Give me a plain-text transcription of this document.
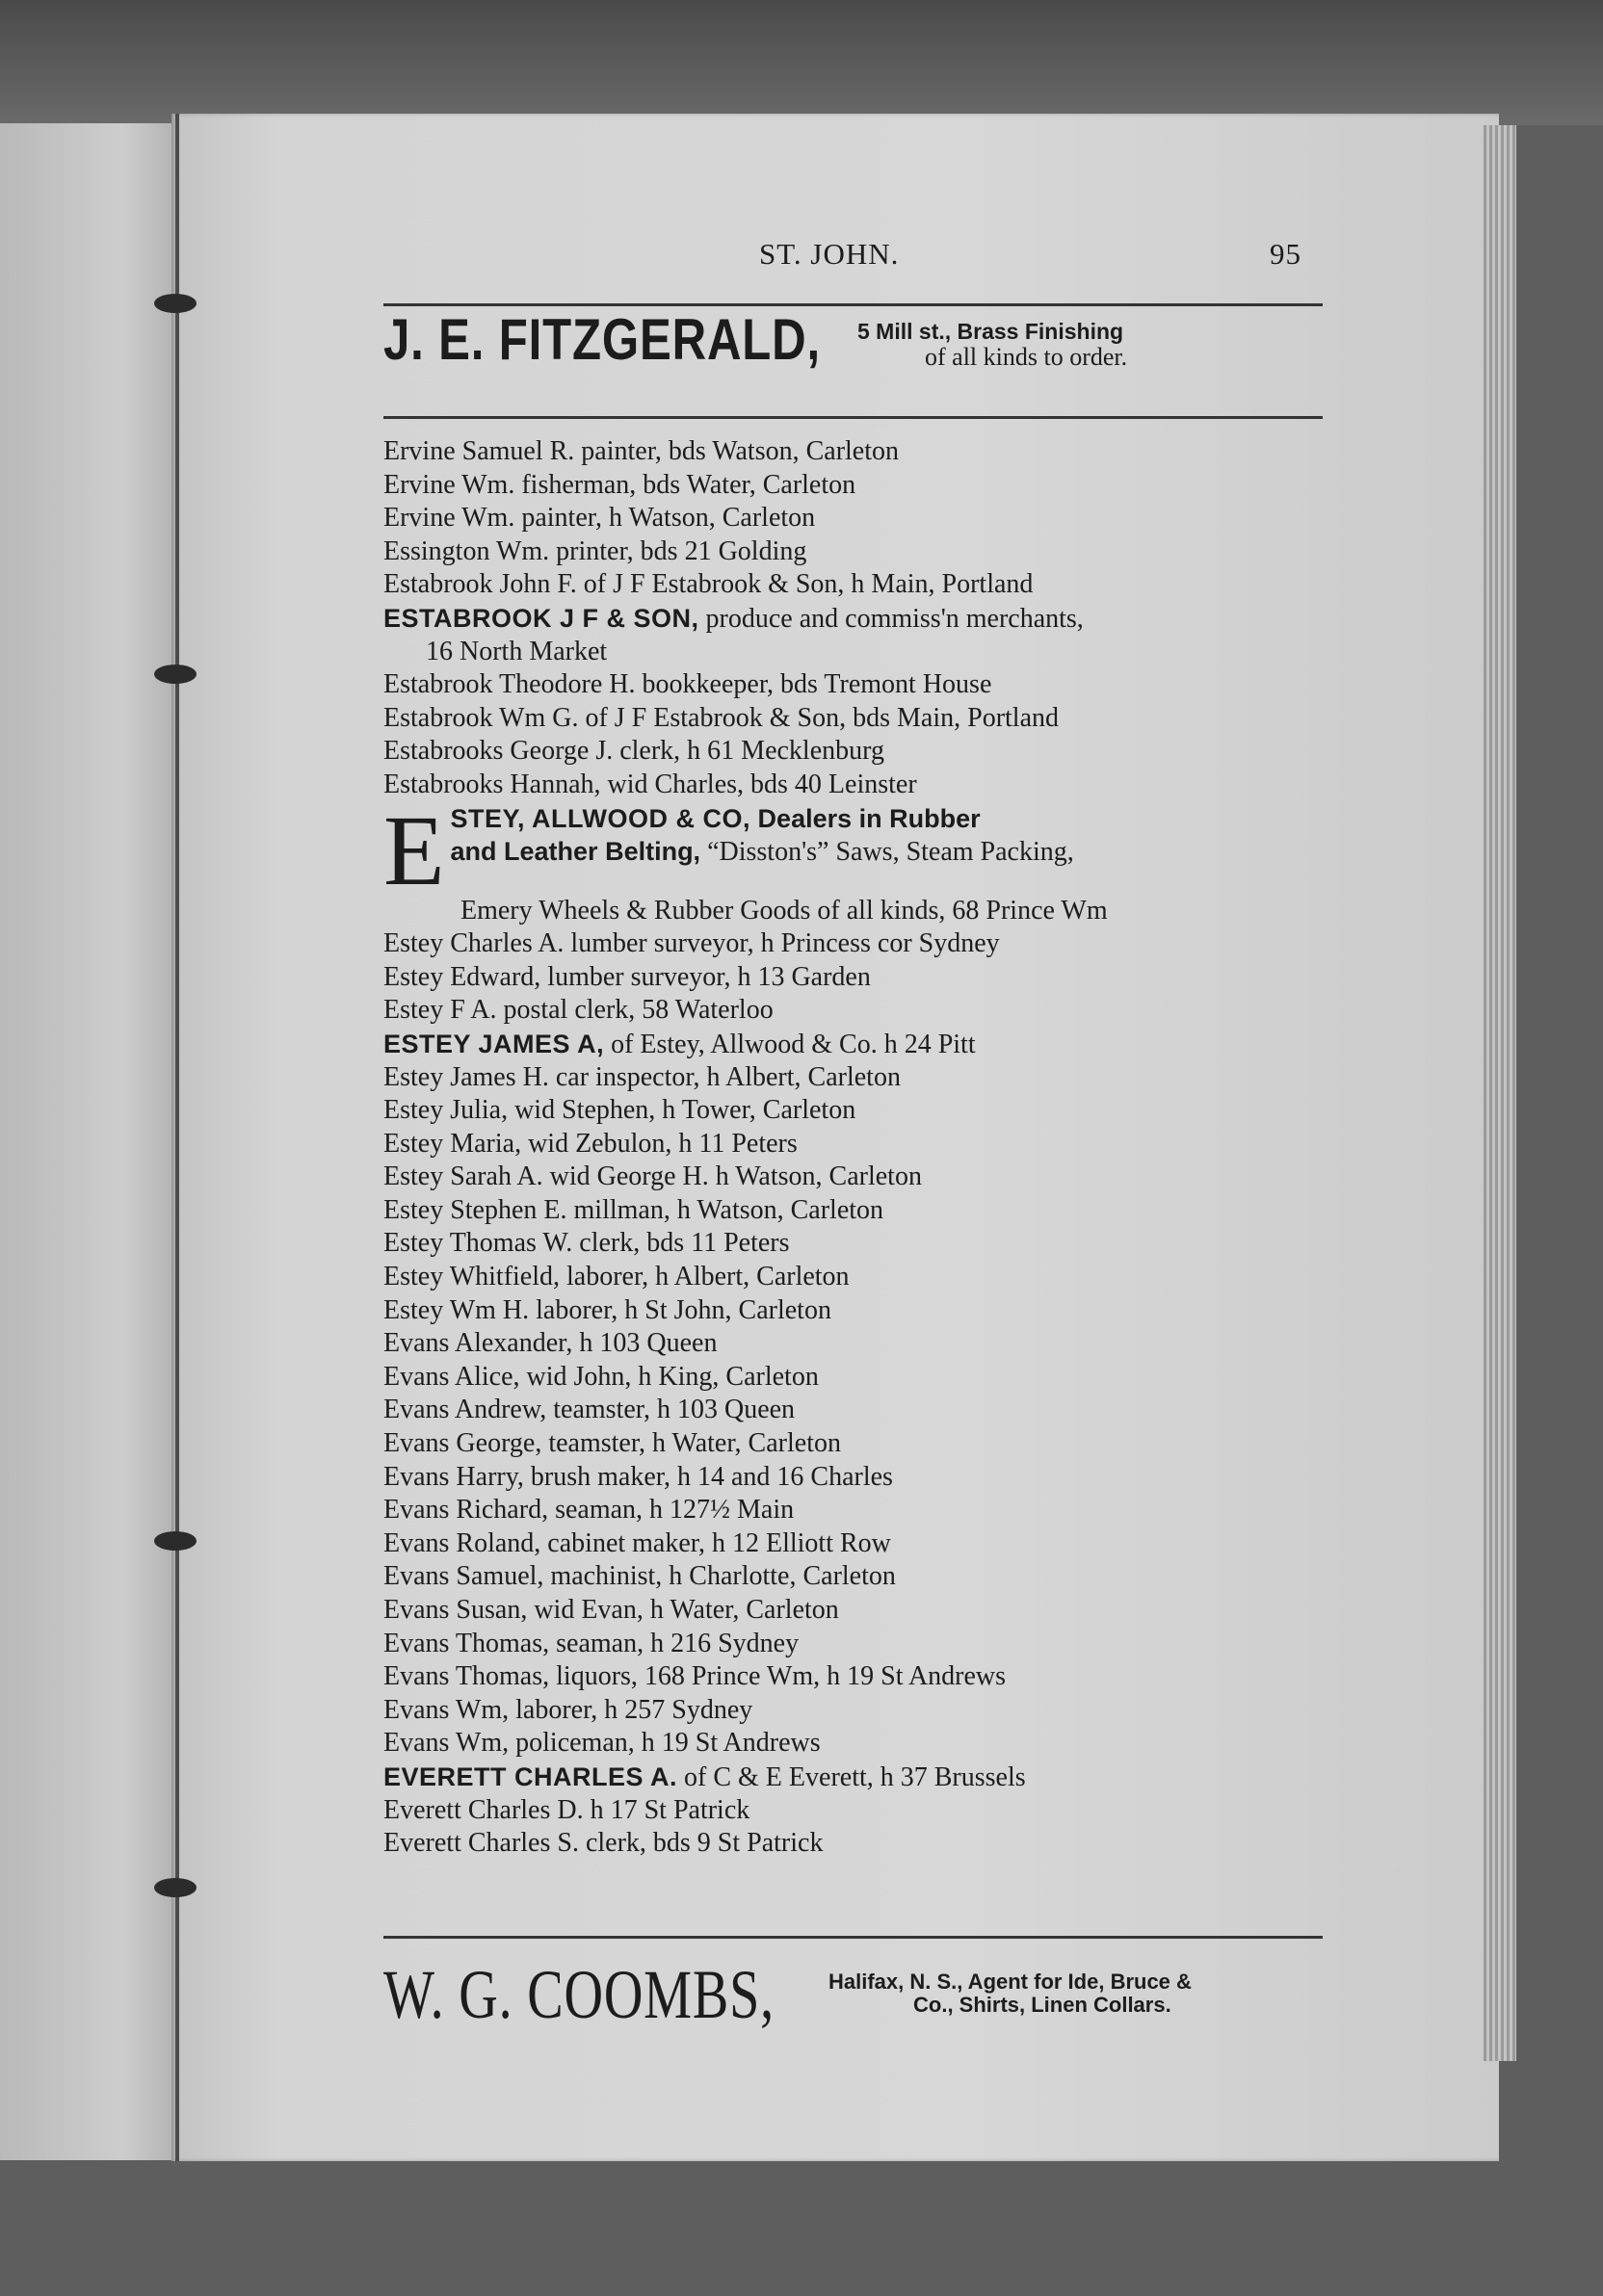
ST. JOHN.	95
J. E. FITZGERALD, 5 Mill st., Brass Finishing
of all kinds to order.
Ervine Samuel R. painter, bds Watson, Carleton
Ervine Wm. fisherman, bds Water, Carleton
Ervine Wm. painter, h Watson, Carleton
Essington Wm. printer, bds 21 Golding
Estabrook John F. of J F Estabrook & Son, h Main, Portland
ESTABROOK J F & SON, produce and commiss'n merchants,
16 North Market
Estabrook Theodore H. bookkeeper, bds Tremont House
Estabrook Wm G. of J F Estabrook & Son, bds Main, Portland
Estabrooks George J. clerk, h 61 Mecklenburg
Estabrooks Hannah, wid Charles, bds 40 Leinster
E STEY, ALLWOOD & CO, Dealers in Rubber
and Leather Belting, “Disston's” Saws, Steam Packing,
Emery Wheels & Rubber Goods of all kinds, 68 Prince Wm
Estey Charles A. lumber surveyor, h Princess cor Sydney
Estey Edward, lumber surveyor, h 13 Garden
Estey F A. postal clerk, 58 Waterloo
ESTEY JAMES A, of Estey, Allwood & Co. h 24 Pitt
Estey James H. car inspector, h Albert, Carleton
Estey Julia, wid Stephen, h Tower, Carleton
Estey Maria, wid Zebulon, h 11 Peters
Estey Sarah A. wid George H. h Watson, Carleton
Estey Stephen E. millman, h Watson, Carleton
Estey Thomas W. clerk, bds 11 Peters
Estey Whitfield, laborer, h Albert, Carleton
Estey Wm H. laborer, h St John, Carleton
Evans Alexander, h 103 Queen
Evans Alice, wid John, h King, Carleton
Evans Andrew, teamster, h 103 Queen
Evans George, teamster, h Water, Carleton
Evans Harry, brush maker, h 14 and 16 Charles
Evans Richard, seaman, h 127½ Main
Evans Roland, cabinet maker, h 12 Elliott Row
Evans Samuel, machinist, h Charlotte, Carleton
Evans Susan, wid Evan, h Water, Carleton
Evans Thomas, seaman, h 216 Sydney
Evans Thomas, liquors, 168 Prince Wm, h 19 St Andrews
Evans Wm, laborer, h 257 Sydney
Evans Wm, policeman, h 19 St Andrews
EVERETT CHARLES A. of C & E Everett, h 37 Brussels
Everett Charles D. h 17 St Patrick
Everett Charles S. clerk, bds 9 St Patrick
W. G. COOMBS,	Halifax, N. S., Agent for Ide, Bruce &
Co., Shirts, Linen Collars.
